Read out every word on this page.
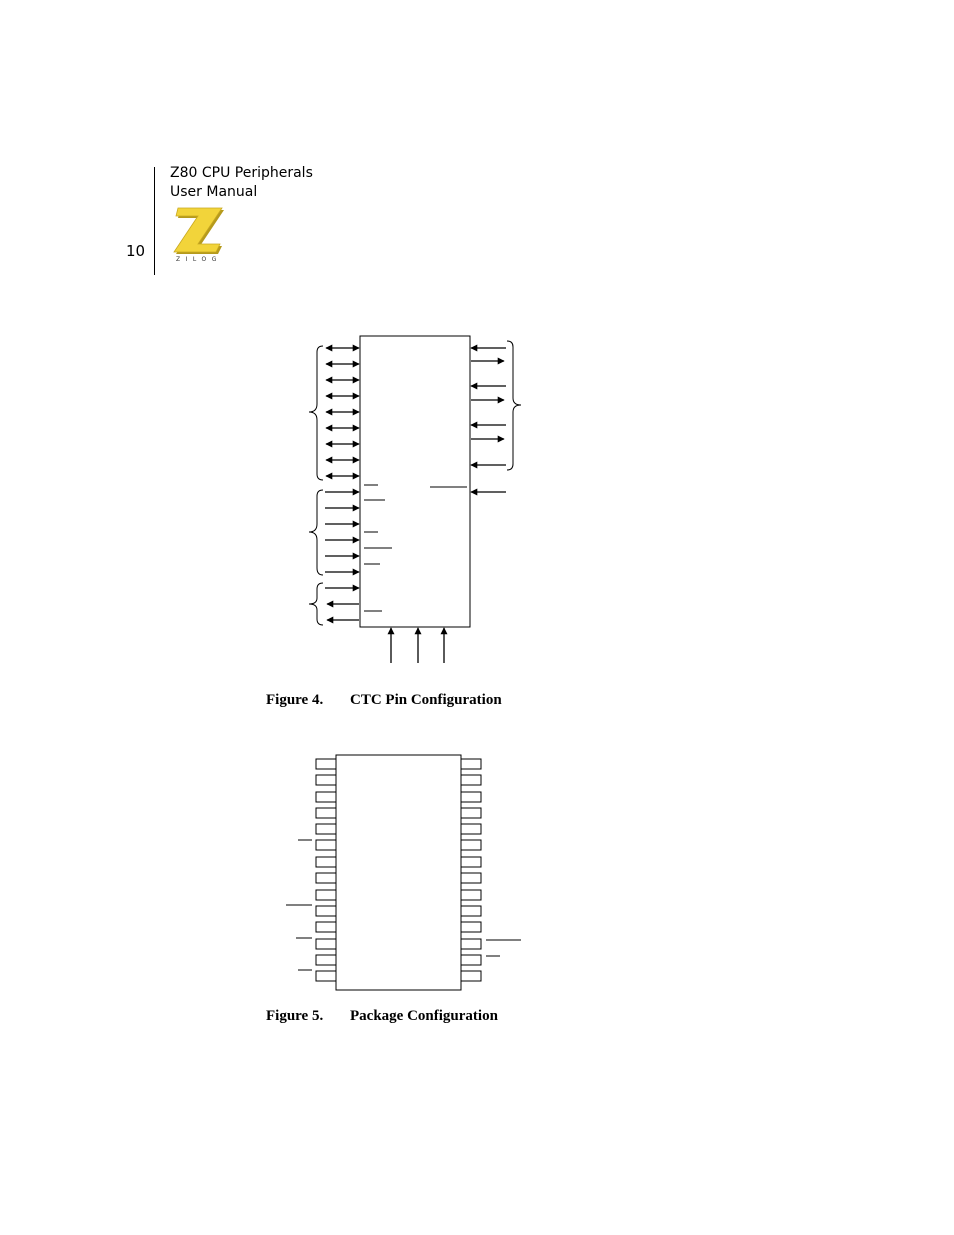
10
Z80 CPU Peripherals
User Manual
ZILOG
Figure 4. CTC Pin Configuration
Figure 5. Package Configuration
